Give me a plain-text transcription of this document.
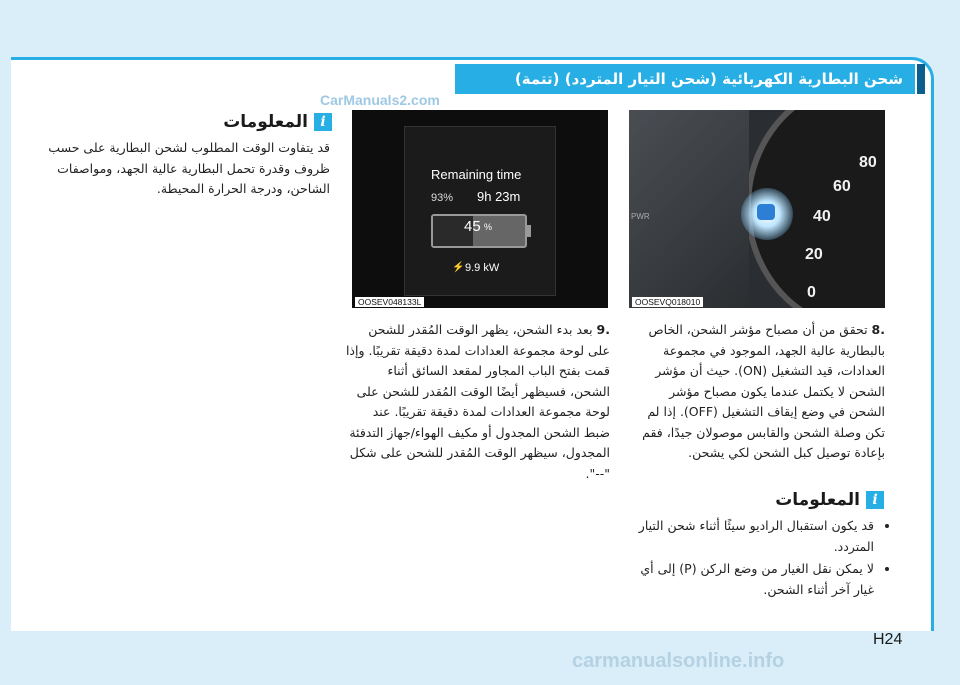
شحن البطارية الكهربائية (شحن التيار المتردد) (تتمة)
CarManuals2.com
Remaining time
93% 9h 23m
45 %
⚡ 9.9 kW
OOSEV048133L
80
60
40
20
0
PWR
OOSEVQ018010
i
المعلومات
قد يتفاوت الوقت المطلوب لشحن البطارية على حسب ظروف وقدرة تحمل البطارية عالية الجهد، ومواصفات الشاحن، ودرجة الحرارة المحيطة.
.9 بعد بدء الشحن، يظهر الوقت المُقدر للشحن على لوحة مجموعة العدادات لمدة دقيقة تقريبًا. وإذا قمت بفتح الباب المجاور لمقعد السائق أثناء الشحن، فسيظهر أيضًا الوقت المُقدر للشحن على لوحة مجموعة العدادات لمدة دقيقة تقريبًا. عند ضبط الشحن المجدول أو مكيف الهواء/جهاز التدفئة المجدول، سيظهر الوقت المُقدر للشحن على شكل "--".
.8 تحقق من أن مصباح مؤشر الشحن، الخاص بالبطارية عالية الجهد، الموجود في مجموعة العدادات، قيد التشغيل (ON). حيث أن مؤشر الشحن لا يكتمل عندما يكون مصباح مؤشر الشحن في وضع إيقاف التشغيل (OFF). إذا لم تكن وصلة الشحن والقابس موصولان جيدًا، فقم بإعادة توصيل كبل الشحن لكي يشحن.
i
المعلومات
• قد يكون استقبال الراديو سيئًا أثناء شحن التيار المتردد.
• لا يمكن نقل الغيار من وضع الركن (P) إلى أي غيار آخر أثناء الشحن.
H24
carmanualsonline.info
